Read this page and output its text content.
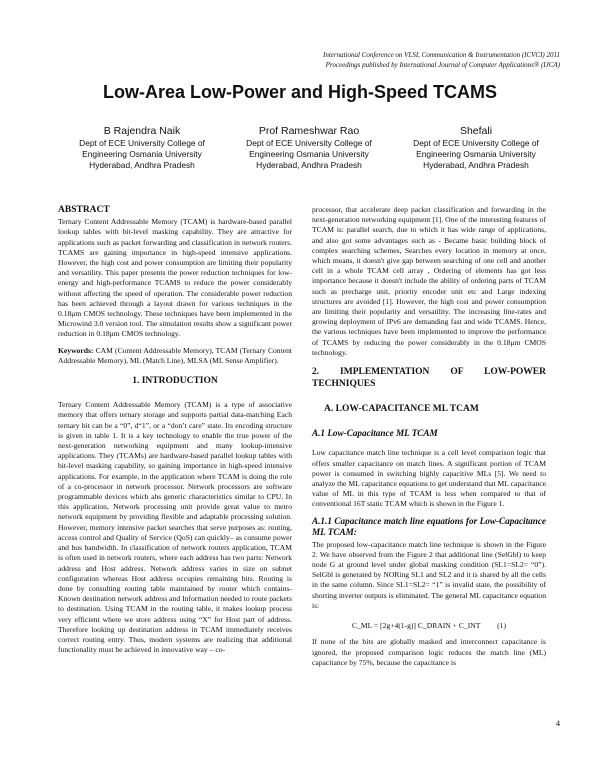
International Conference on VLSI, Communication & Instrumentation (ICVCI) 2011
Proceedings published by International Journal of Computer Applications® (IJCA)
Low-Area Low-Power and High-Speed TCAMS
B Rajendra Naik
Dept of ECE University College of
Engineering Osmania University
Hyderabad, Andhra Pradesh
Prof Rameshwar Rao
Dept of ECE University College of
Engineering Osmania University
Hyderabad, Andhra Pradesh
Shefali
Dept of ECE University College of
Engineering Osmania University
Hyderabad, Andhra Pradesh
ABSTRACT

Ternary Content Addressable Memory (TCAM) is hardware-based parallel lookup tables with bit-level masking capability. They are attractive for applications such as packet forwarding and classification in network routers. TCAMS are gaining importance in high-speed intensive applications. However, the high cost and power consumption are limiting their popularity and versatility. This paper presents the power reduction techniques for low-energy and high-performance TCAMS to reduce the power considerably without affecting the speed of operation. The considerable power reduction has been achieved through a layout drawn for various techniques in the 0.18μm CMOS technology. These techniques have been implemented in the Microwind 3.0 version tool. The simulation results show a significant power reduction in 0.18μm CMOS technology.

Keywords: CAM (Content Addressable Memory), TCAM (Ternary Content Addressable Memory), ML (Match Line), MLSA (ML Sense Amplifier).

1. INTRODUCTION

Ternary Content Addressable Memory (TCAM) is a type of associative memory that offers ternary storage and supports partial data-matching Each ternary bit can be a “0”, d“1”, or a “don’t care” state. Its encoding structure is given in table 1. It is a key technology to enable the true power of the next-generation networking equipment and many lookup-intensive applications. They (TCAMs) are hardware-based parallel lookup tables with bit-level masking capability, so gaining importance in high-speed intensive applications. For example, in the application where TCAM is doing the role of a co-processor in network processor. Network processors are software programmable devices which ahs generic characteristics similar to CPU. In this application, Network processing unit provide great value to metro network equipment by providing flexible and adaptable processing solution. However, memory intensive packet searches that serve purposes as: routing, access control and Quality of Service (QoS) can quickly– as consume power and bus bandwidth. In classification of network routers application, TCAM is often used in network routers, where each address has two parts: Network address and Host address. Network address varies in size on subnet configuration whereas Host address occupies remaining bits. Routing is done by consulting routing table maintained by router which contains-Known destination network address and Information needed to route packets to destination. Using TCAM in the routing table, it makes lookup process very efficient where we store address using “X” for Host part of address. Therefore looking up destination address in TCAM immediately receives correct routing entry. Thus, modern systems are realizing that additional functionality must be achieved in innovative way – co-

processor, that accelerate deep packet classification and forwarding in the next-generation networking equipment [1]. One of the interesting features of TCAM is: parallel search, due to which it has wide range of applications, and also got some advantages such as - Became basic building block of complex searching schemes, Searches every location in memory at once, which means, it doesn't give gap between searching of one cell and another cell in a whole TCAM cell array , Ordering of elements has got less importance because it doesn't include the ability of ordering parts of TCAM such as precharge unit, priority encoder unit etc and Large indexing structures are avoided [1]. However, the high cost and power consumption are limiting their popularity and versatility. The increasing line-rates and growing deployment of IPv6 are demanding fast and wide TCAMS. Hence, the various techniques have been implemented to improve the performance of TCAMS by reducing the power considerably in the 0.18μm CMOS technology.

2. IMPLEMENTATION OF LOW-POWER TECHNIQUES
A. LOW-CAPACITANCE ML TCAM
A.1 Low-Capacitance ML TCAM

Low capacitance match line technique is a cell level comparison logic that offers smaller capacitance on match lines. A significant portion of TCAM power is consumed in switching highly capacitive MLs [5]. We need to analyze the ML capacitance equations to get understand that ML capacitance value of ML in this type of TCAM is less when compared to that of conventional 16T static TCAM which is shown in the Figure 1.

A.1.1 Capacitance match line equations for Low-Capacitance ML TCAM:

The proposed low-capacitance match line technique is shown in the Figure 2. We have observed from the Figure 2 that additional line (SelGbl) to keep node G at ground level under global masking condition (SL1=SL2= “0”). SelGbl is generated by NORing SL1 and SL2 and it is shared by all the cells in the same column. Since SL1=SL2= “1” is invalid state, the possibility of shorting inverter outputs is eliminated. The general ML capacitance equation is:

C_ML = [2g+4(1-g)] C_DRAIN + C_INT (1)

If none of the bits are globally masked and interconnect capacitance is ignored, the proposed comparison logic reduces the match line (ML) capacitance by 75%, because the capacitance is

4
